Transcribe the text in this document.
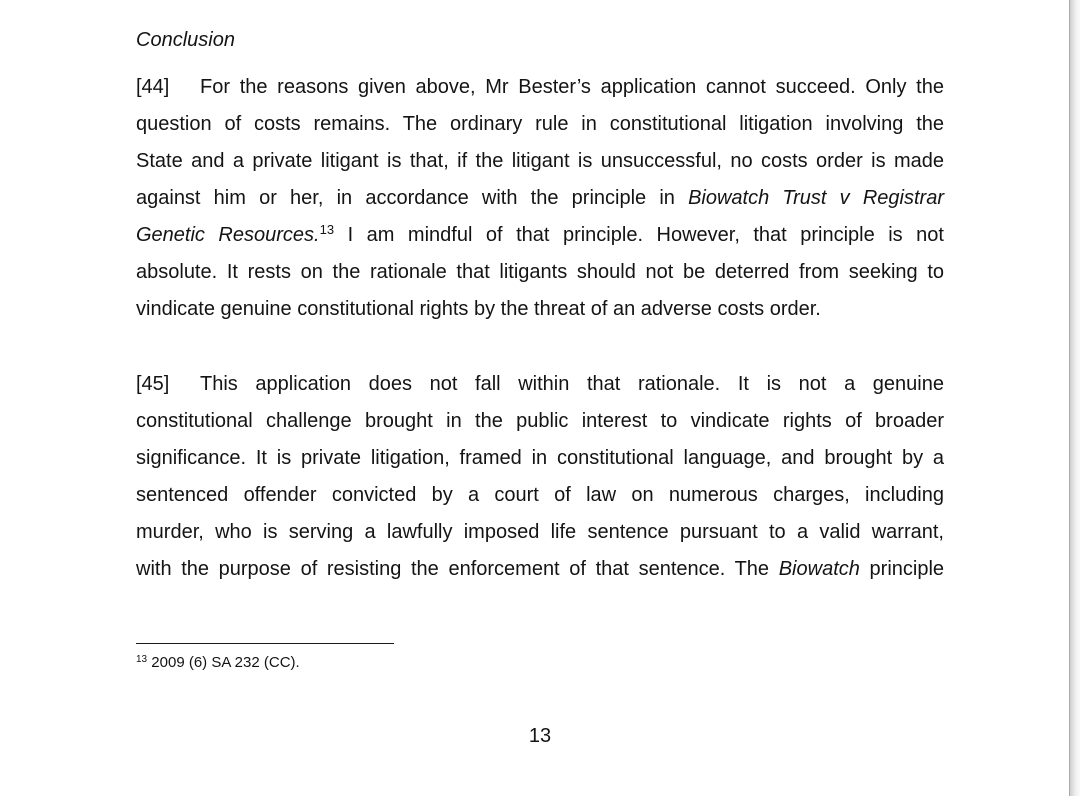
Conclusion
[44] For the reasons given above, Mr Bester’s application cannot succeed. Only the
question of costs remains. The ordinary rule in constitutional litigation involving the
State and a private litigant is that, if the litigant is unsuccessful, no costs order is made
against him or her, in accordance with the principle in Biowatch Trust v Registrar
Genetic Resources.$^{13}$ I am mindful of that principle. However, that principle is not
absolute. It rests on the rationale that litigants should not be deterred from seeking to
vindicate genuine constitutional rights by the threat of an adverse costs order.
[45] This application does not fall within that rationale. It is not a genuine
constitutional challenge brought in the public interest to vindicate rights of broader
significance. It is private litigation, framed in constitutional language, and brought by a
sentenced offender convicted by a court of law on numerous charges, including
murder, who is serving a lawfully imposed life sentence pursuant to a valid warrant,
with the purpose of resisting the enforcement of that sentence. The Biowatch principle
$^{13}$ 2009 (6) SA 232 (CC).
13
